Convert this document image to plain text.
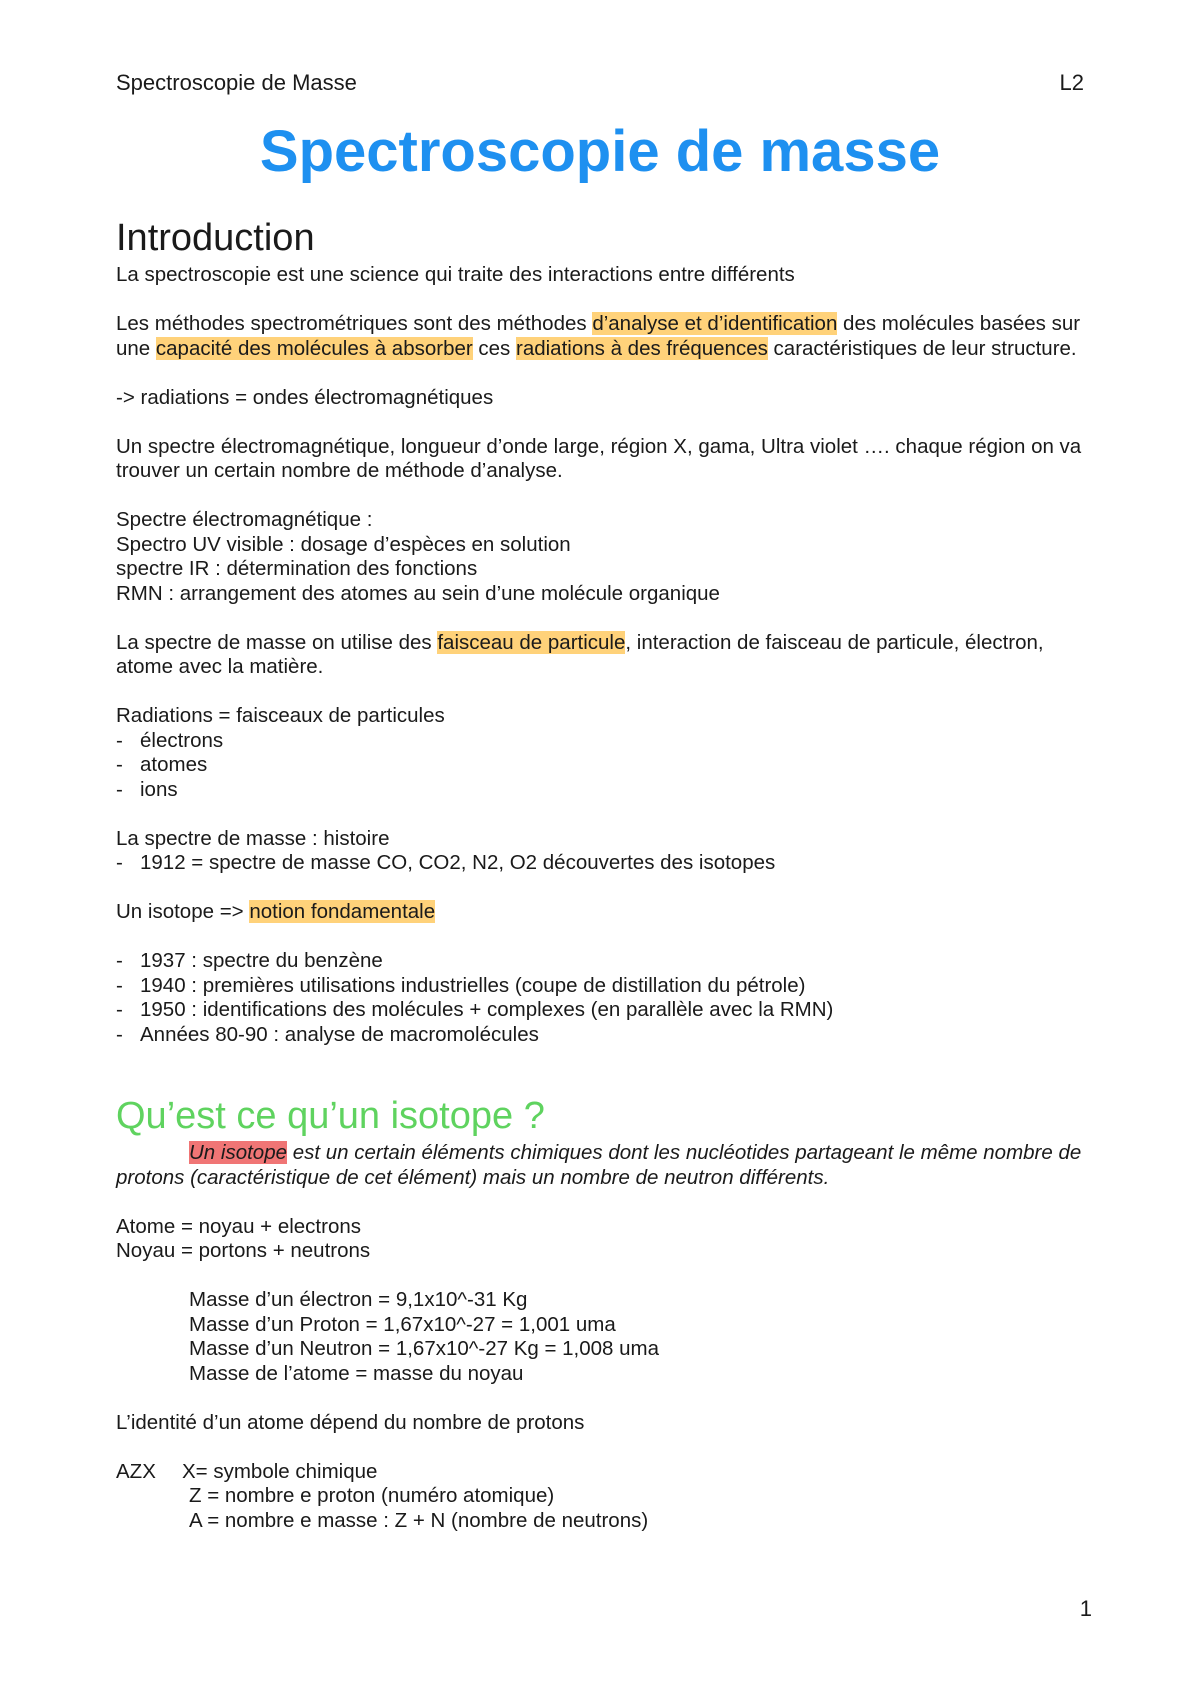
Spectroscopie de Masse	L2
Spectroscopie de masse
Introduction

La spectroscopie est une science qui traite des interactions entre différents

Les méthodes spectrométriques sont des méthodes d’analyse et d’identification des molécules basées sur une capacité des molécules à absorber ces radiations à des fréquences caractéristiques de leur structure.

-> radiations = ondes électromagnétiques

Un spectre électromagnétique, longueur d’onde large, région X, gama, Ultra violet …. chaque région on va trouver un certain nombre de méthode d’analyse.

Spectre électromagnétique :

Spectro UV visible : dosage d’espèces en solution

spectre IR : détermination des fonctions

RMN : arrangement des atomes au sein d’une molécule organique

La spectre de masse on utilise des faisceau de particule, interaction de faisceau de particule, électron, atome avec la matière.

Radiations = faisceaux de particules

- électrons
- atomes
- ions

La spectre de masse : histoire

- 1912 = spectre de masse CO, CO2, N2, O2 découvertes des isotopes

Un isotope => notion fondamentale

- 1937 : spectre du benzène
- 1940 : premières utilisations industrielles (coupe de distillation du pétrole)
- 1950 : identifications des molécules + complexes (en parallèle avec la RMN)
- Années 80-90 : analyse de macromolécules
Qu’est ce qu’un isotope ?

Un isotope est un certain éléments chimiques dont les nucléotides partageant le même nombre de protons (caractéristique de cet élément) mais un nombre de neutron différents.

Atome = noyau + electrons

Noyau = portons + neutrons

Masse d’un électron = 9,1x10^-31 Kg

Masse d’un Proton = 1,67x10^-27 = 1,001 uma

Masse d’un Neutron = 1,67x10^-27 Kg = 1,008 uma

Masse de l’atome = masse du noyau

L’identité d’un atome dépend du nombre de protons

AZX	X= symbole chimique

Z = nombre e proton (numéro atomique)

A = nombre e masse : Z + N (nombre de neutrons)

1
